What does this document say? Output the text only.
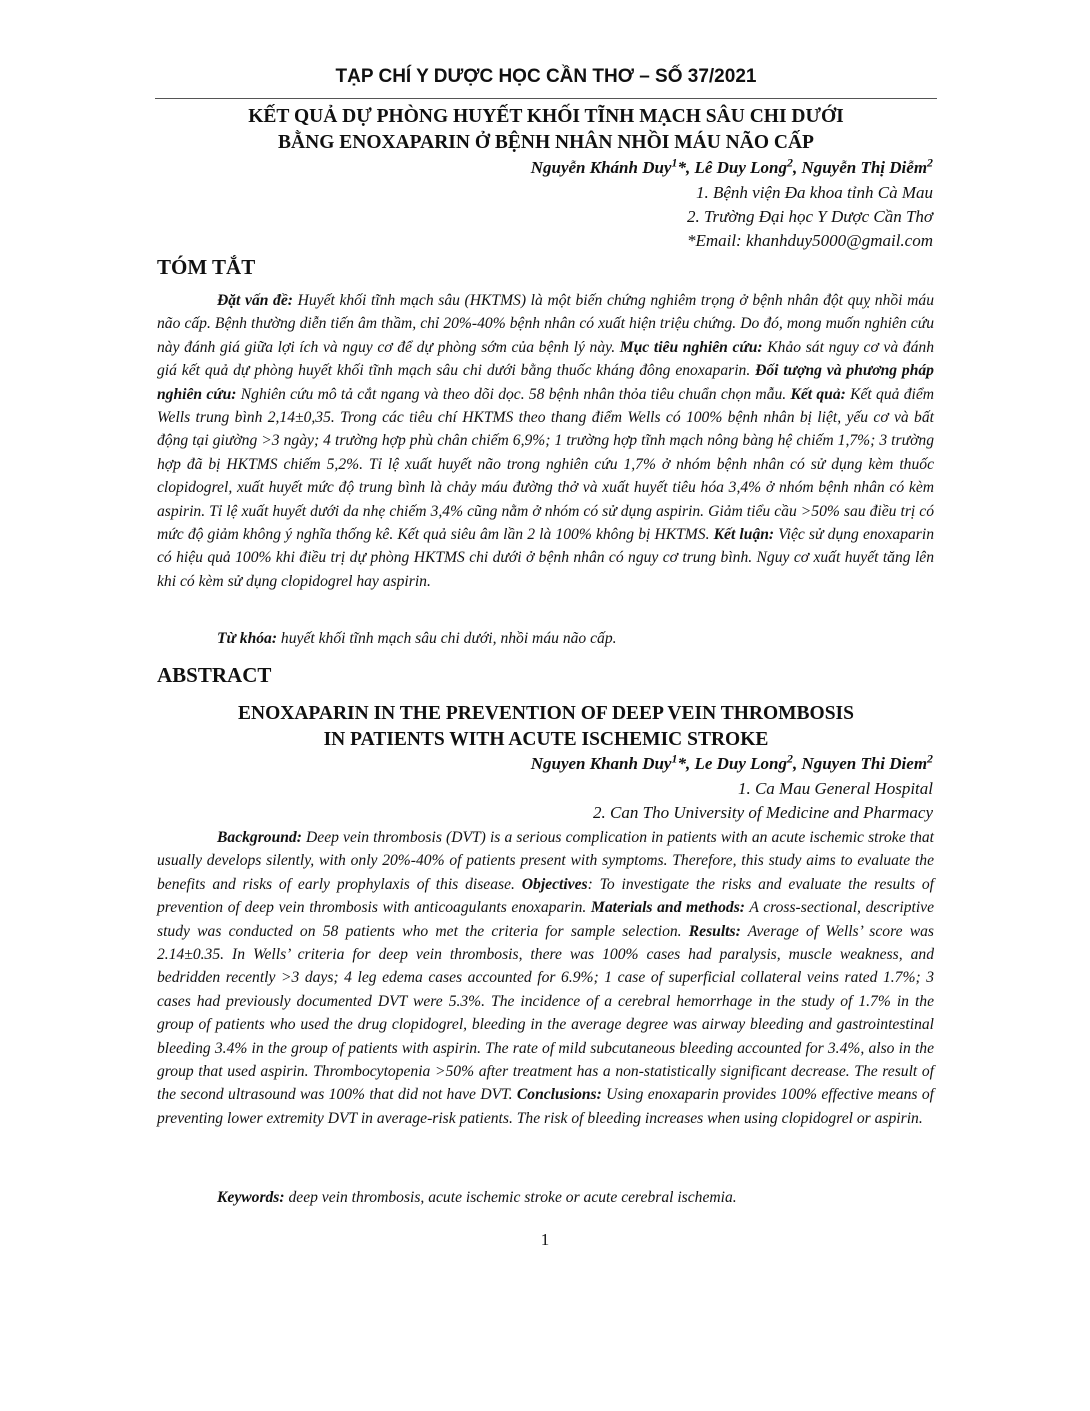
TẠP CHÍ Y DƯỢC HỌC CẦN THƠ – SỐ 37/2021
KẾT QUẢ DỰ PHÒNG HUYẾT KHỐI TĨNH MẠCH SÂU CHI DƯỚI
BẰNG ENOXAPARIN Ở BỆNH NHÂN NHỒI MÁU NÃO CẤP
Nguyễn Khánh Duy$^1$*, Lê Duy Long$^2$, Nguyễn Thị Diễm$^2$
1. Bệnh viện Đa khoa tỉnh Cà Mau
2. Trường Đại học Y Dược Cần Thơ
*Email: khanhduy5000@gmail.com
TÓM TẮT

Đặt vấn đề: Huyết khối tĩnh mạch sâu (HKTMS) là một biến chứng nghiêm trọng ở bệnh nhân đột quỵ nhồi máu não cấp. Bệnh thường diễn tiến âm thầm, chỉ 20%-40% bệnh nhân có xuất hiện triệu chứng. Do đó, mong muốn nghiên cứu này đánh giá giữa lợi ích và nguy cơ để dự phòng sớm của bệnh lý này. Mục tiêu nghiên cứu: Khảo sát nguy cơ và đánh giá kết quả dự phòng huyết khối tĩnh mạch sâu chi dưới bằng thuốc kháng đông enoxaparin. Đối tượng và phương pháp nghiên cứu: Nghiên cứu mô tả cắt ngang và theo dõi dọc. 58 bệnh nhân thỏa tiêu chuẩn chọn mẫu. Kết quả: Kết quả điểm Wells trung bình 2,14±0,35. Trong các tiêu chí HKTMS theo thang điểm Wells có 100% bệnh nhân bị liệt, yếu cơ và bất động tại giường >3 ngày; 4 trường hợp phù chân chiếm 6,9%; 1 trường hợp tĩnh mạch nông bàng hệ chiếm 1,7%; 3 trường hợp đã bị HKTMS chiếm 5,2%. Tỉ lệ xuất huyết não trong nghiên cứu 1,7% ở nhóm bệnh nhân có sử dụng kèm thuốc clopidogrel, xuất huyết mức độ trung bình là chảy máu đường thở và xuất huyết tiêu hóa 3,4% ở nhóm bệnh nhân có kèm aspirin. Tỉ lệ xuất huyết dưới da nhẹ chiếm 3,4% cũng nằm ở nhóm có sử dụng aspirin. Giảm tiểu cầu >50% sau điều trị có mức độ giảm không ý nghĩa thống kê. Kết quả siêu âm lần 2 là 100% không bị HKTMS. Kết luận: Việc sử dụng enoxaparin có hiệu quả 100% khi điều trị dự phòng HKTMS chi dưới ở bệnh nhân có nguy cơ trung bình. Nguy cơ xuất huyết tăng lên khi có kèm sử dụng clopidogrel hay aspirin.

Từ khóa: huyết khối tĩnh mạch sâu chi dưới, nhồi máu não cấp.

ABSTRACT
ENOXAPARIN IN THE PREVENTION OF DEEP VEIN THROMBOSIS
IN PATIENTS WITH ACUTE ISCHEMIC STROKE
Nguyen Khanh Duy$^1$*, Le Duy Long$^2$, Nguyen Thi Diem$^2$
1. Ca Mau General Hospital
2. Can Tho University of Medicine and Pharmacy

Background: Deep vein thrombosis (DVT) is a serious complication in patients with an acute ischemic stroke that usually develops silently, with only 20%-40% of patients present with symptoms. Therefore, this study aims to evaluate the benefits and risks of early prophylaxis of this disease. Objectives: To investigate the risks and evaluate the results of prevention of deep vein thrombosis with anticoagulants enoxaparin. Materials and methods: A cross-sectional, descriptive study was conducted on 58 patients who met the criteria for sample selection. Results: Average of Wells’ score was 2.14±0.35. In Wells’ criteria for deep vein thrombosis, there was 100% cases had paralysis, muscle weakness, and bedridden recently >3 days; 4 leg edema cases accounted for 6.9%; 1 case of superficial collateral veins rated 1.7%; 3 cases had previously documented DVT were 5.3%. The incidence of a cerebral hemorrhage in the study of 1.7% in the group of patients who used the drug clopidogrel, bleeding in the average degree was airway bleeding and gastrointestinal bleeding 3.4% in the group of patients with aspirin. The rate of mild subcutaneous bleeding accounted for 3.4%, also in the group that used aspirin. Thrombocytopenia >50% after treatment has a non-statistically significant decrease. The result of the second ultrasound was 100% that did not have DVT. Conclusions: Using enoxaparin provides 100% effective means of preventing lower extremity DVT in average-risk patients. The risk of bleeding increases when using clopidogrel or aspirin.

Keywords: deep vein thrombosis, acute ischemic stroke or acute cerebral ischemia.

1
